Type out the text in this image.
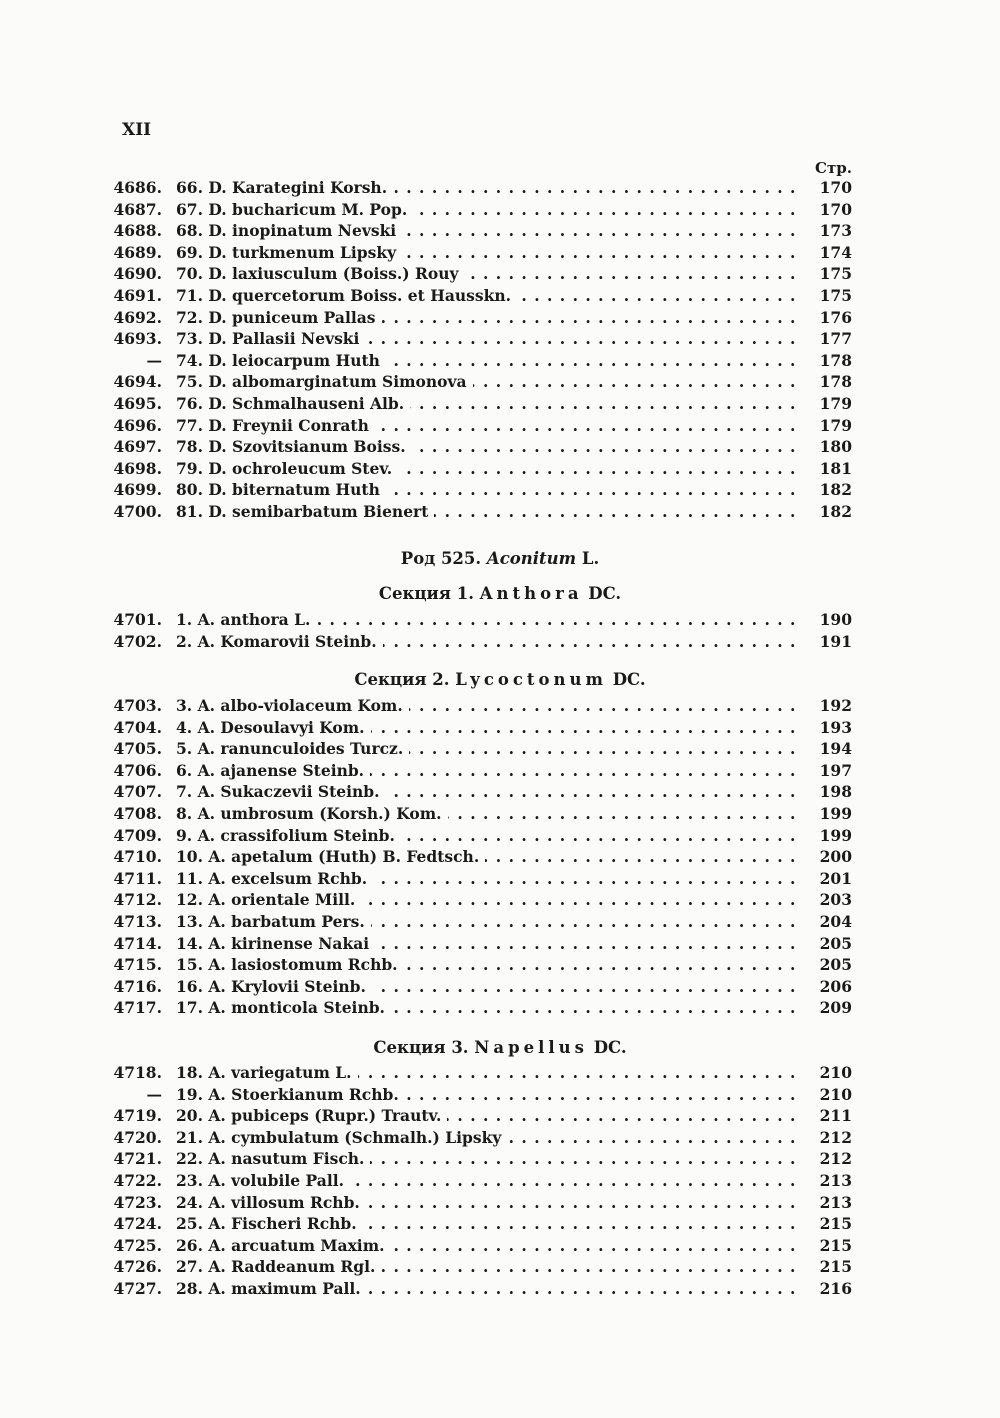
XII
Стр.
4686. 66. D. Karategini Korsh. . . .	170
4687. 67. D. bucharicum M. Pop. . . .	170
4688. 68. D. inopinatum Nevski . . .	173
4689. 69. D. turkmenum Lipsky . . .	174
4690. 70. D. laxiusculum (Boiss.) Rouy . . .	175
4691. 71. D. quercetorum Boiss. et Hausskn. . . .	175
4692. 72. D. puniceum Pallas . . .	176
4693. 73. D. Pallasii Nevski . . .	177
— 74. D. leiocarpum Huth . . .	178
4694. 75. D. albomarginatum Simonova . . .	178
4695. 76. D. Schmalhauseni Alb. . . .	179
4696. 77. D. Freynii Conrath . . .	179
4697. 78. D. Szovitsianum Boiss. . . .	180
4698. 79. D. ochroleucum Stev. . . .	181
4699. 80. D. biternatum Huth . . .	182
4700. 81. D. semibarbatum Bienert . . .	182
Род 525. Aconitum L.
Секция 1. Anthora DC.
4701. 1. A. anthora L. . . .	190
4702. 2. A. Komarovii Steinb. . . .	191
Секция 2. Lycoctonum DC.
4703. 3. A. albo-violaceum Kom. . . .	192
4704. 4. A. Desoulavyi Kom. . . .	193
4705. 5. A. ranunculoides Turcz. . . .	194
4706. 6. A. ajanense Steinb. . . .	197
4707. 7. A. Sukaczevii Steinb. . . .	198
4708. 8. A. umbrosum (Korsh.) Kom. . . .	199
4709. 9. A. crassifolium Steinb. . . .	199
4710. 10. A. apetalum (Huth) B. Fedtsch. . . .	200
4711. 11. A. excelsum Rchb. . . .	201
4712. 12. A. orientale Mill. . . .	203
4713. 13. A. barbatum Pers. . . .	204
4714. 14. A. kirinense Nakai . . .	205
4715. 15. A. lasiostomum Rchb. . . .	205
4716. 16. A. Krylovii Steinb. . . .	206
4717. 17. A. monticola Steinb. . . .	209
Секция 3. Napellus DC.
4718. 18. A. variegatum L. . . .	210
— 19. A. Stoerkianum Rchb. . . .	210
4719. 20. A. pubiceps (Rupr.) Trautv. . . .	211
4720. 21. A. cymbulatum (Schmalh.) Lipsky . . .	212
4721. 22. A. nasutum Fisch. . . .	212
4722. 23. A. volubile Pall. . . .	213
4723. 24. A. villosum Rchb. . . .	213
4724. 25. A. Fischeri Rchb. . . .	215
4725. 26. A. arcuatum Maxim. . . .	215
4726. 27. A. Raddeanum Rgl. . . .	215
4727. 28. A. maximum Pall. . . .	216
